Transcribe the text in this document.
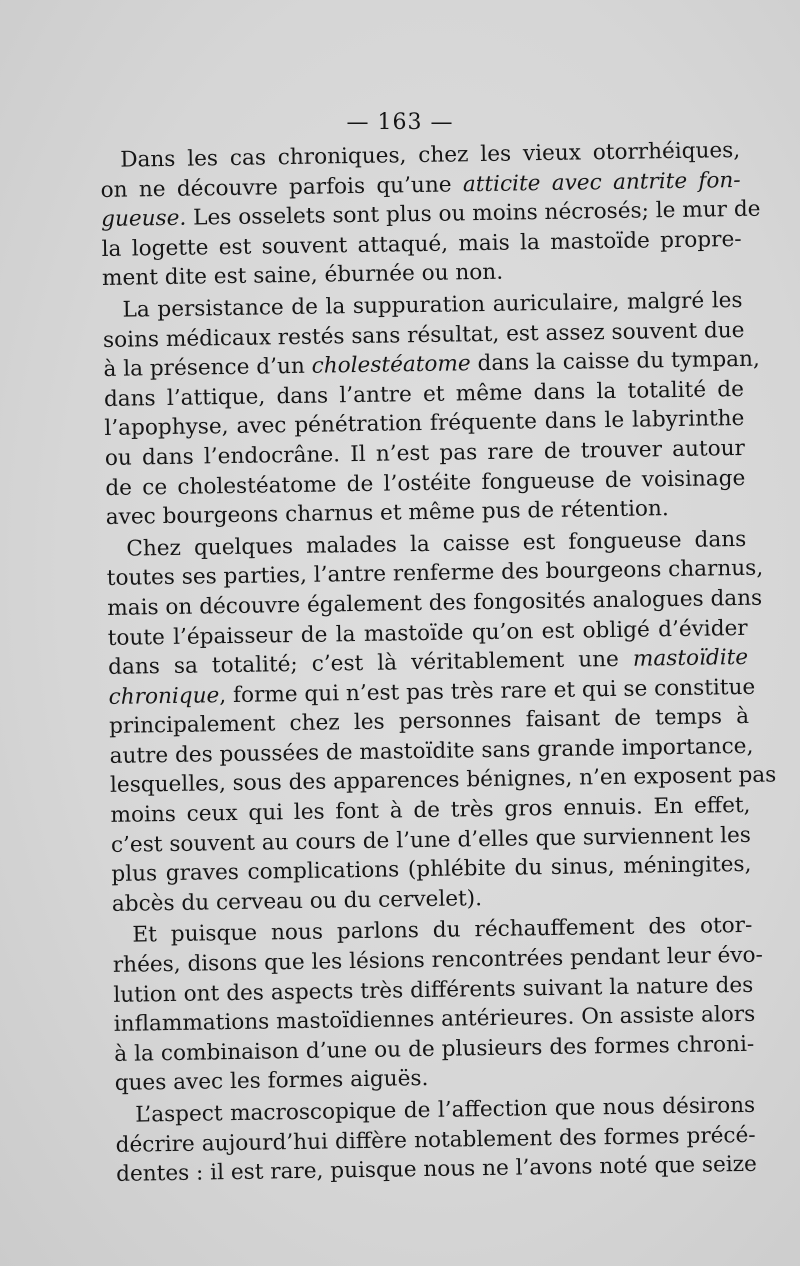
— 163 —
Dans les cas chroniques, chez les vieux otorrhéiques,
on ne découvre parfois qu’une atticite avec antrite fon-
gueuse. Les osselets sont plus ou moins nécrosés; le mur de
la logette est souvent attaqué, mais la mastoïde propre-
ment dite est saine, éburnée ou non.
La persistance de la suppuration auriculaire, malgré les
soins médicaux restés sans résultat, est assez souvent due
à la présence d’un cholestéatome dans la caisse du tympan,
dans l’attique, dans l’antre et même dans la totalité de
l’apophyse, avec pénétration fréquente dans le labyrinthe
ou dans l’endocrâne. Il n’est pas rare de trouver autour
de ce cholestéatome de l’ostéite fongueuse de voisinage
avec bourgeons charnus et même pus de rétention.
Chez quelques malades la caisse est fongueuse dans
toutes ses parties, l’antre renferme des bourgeons charnus,
mais on découvre également des fongosités analogues dans
toute l’épaisseur de la mastoïde qu’on est obligé d’évider
dans sa totalité; c’est là véritablement une mastoïdite
chronique, forme qui n’est pas très rare et qui se constitue
principalement chez les personnes faisant de temps à
autre des poussées de mastoïdite sans grande importance,
lesquelles, sous des apparences bénignes, n’en exposent pas
moins ceux qui les font à de très gros ennuis. En effet,
c’est souvent au cours de l’une d’elles que surviennent les
plus graves complications (phlébite du sinus, méningites,
abcès du cerveau ou du cervelet).
Et puisque nous parlons du réchauffement des otor-
rhées, disons que les lésions rencontrées pendant leur évo-
lution ont des aspects très différents suivant la nature des
inflammations mastoïdiennes antérieures. On assiste alors
à la combinaison d’une ou de plusieurs des formes chroni-
ques avec les formes aiguës.
L’aspect macroscopique de l’affection que nous désirons
décrire aujourd’hui diffère notablement des formes précé-
dentes : il est rare, puisque nous ne l’avons noté que seize
